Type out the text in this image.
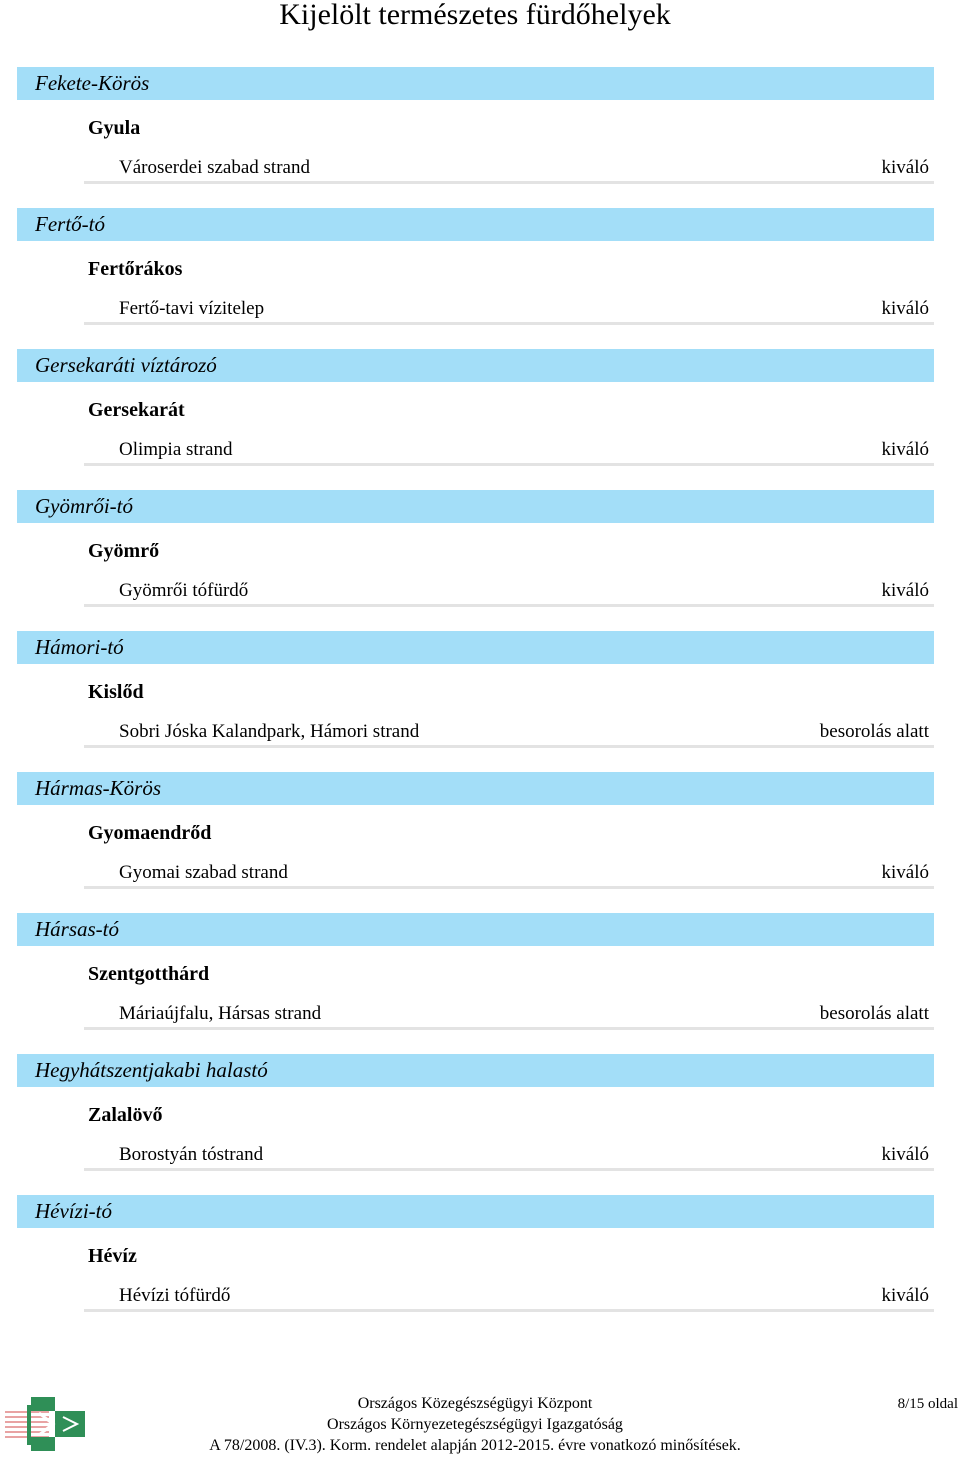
Kijelölt természetes fürdőhelyek
Fekete-Körös
Gyula
Városerdei szabad strand	kiváló
Fertő-tó
Fertőrákos
Fertő-tavi vízitelep	kiváló
Gersekaráti víztározó
Gersekarát
Olimpia strand	kiváló
Gyömrői-tó
Gyömrő
Gyömrői tófürdő	kiváló
Hámori-tó
Kislőd
Sobri Jóska Kalandpark, Hámori strand	besorolás alatt
Hármas-Körös
Gyomaendrőd
Gyomai szabad strand	kiváló
Hársas-tó
Szentgotthárd
Máriaújfalu, Hársas strand	besorolás alatt
Hegyhátszentjakabi halastó
Zalalövő
Borostyán tóstrand	kiváló
Hévízi-tó
Hévíz
Hévízi tófürdő	kiváló
Országos Közegészségügyi Központ
Országos Környezetegészségügyi Igazgatóság
A 78/2008. (IV.3). Korm. rendelet alapján 2012-2015. évre vonatkozó minősítések.
8/15 oldal
